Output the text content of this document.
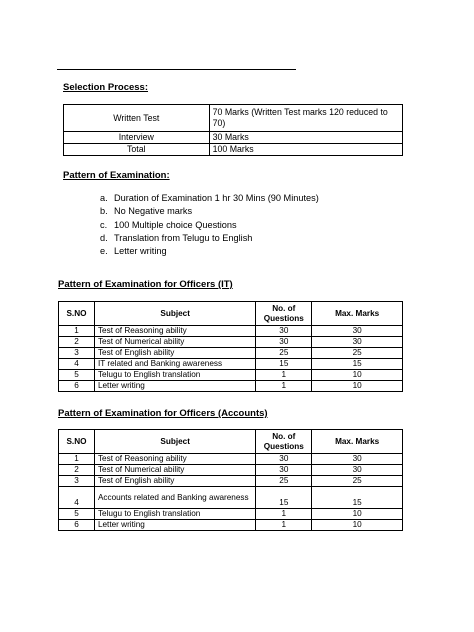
Selection Process:
Written Test	70 Marks (Written Test marks 120 reduced to 70)
Interview	30 Marks
Total	100 Marks
Pattern of Examination:
a. Duration of Examination 1 hr 30 Mins (90 Minutes)
b. No Negative marks
c. 100 Multiple choice Questions
d. Translation from Telugu to English
e. Letter writing
Pattern of Examination for Officers (IT)
S.NO	Subject	No. of Questions	Max. Marks
1	Test of Reasoning ability	30	30
2	Test of Numerical ability	30	30
3	Test of English ability	25	25
4	IT related and Banking awareness	15	15
5	Telugu to English translation	1	10
6	Letter writing	1	10
Pattern of Examination for Officers (Accounts)
S.NO	Subject	No. of Questions	Max. Marks
1	Test of Reasoning ability	30	30
2	Test of Numerical ability	30	30
3	Test of English ability	25	25
4	Accounts related and Banking awareness	15	15
5	Telugu to English translation	1	10
6	Letter writing	1	10
